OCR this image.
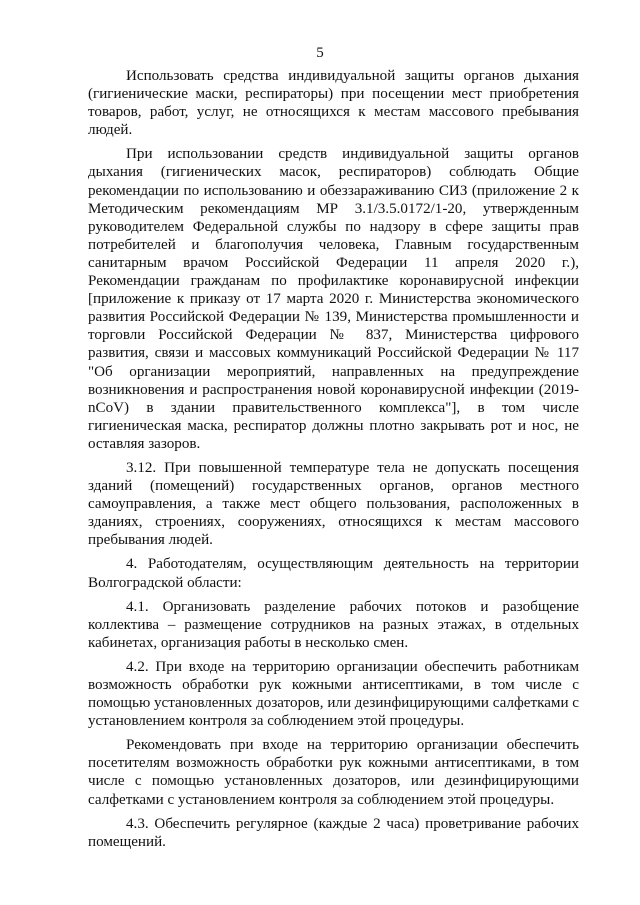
5

Использовать средства индивидуальной защиты органов дыхания (гигиенические маски, респираторы) при посещении мест приобретения товаров, работ, услуг, не относящихся к местам массового пребывания людей.

При использовании средств индивидуальной защиты органов дыхания (гигиенических масок, респираторов) соблюдать Общие рекомендации по использованию и обеззараживанию СИЗ (приложение 2 к Методическим рекомендациям МР 3.1/3.5.0172/1-20, утвержденным руководителем Федеральной службы по надзору в сфере защиты прав потребителей и благополучия человека, Главным государственным санитарным врачом Российской Федерации 11 апреля 2020 г.), Рекомендации гражданам по профилактике коронавирусной инфекции [приложение к приказу от 17 марта 2020 г. Министерства экономического развития Российской Федерации № 139, Министерства промышленности и торговли Российской Федерации № 837, Министерства цифрового развития, связи и массовых коммуникаций Российской Федерации № 117 "Об организации мероприятий, направленных на предупреждение возникновения и распространения новой коронавирусной инфекции (2019-nCoV) в здании правительственного комплекса"], в том числе гигиеническая маска, респиратор должны плотно закрывать рот и нос, не оставляя зазоров.

3.12. При повышенной температуре тела не допускать посещения зданий (помещений) государственных органов, органов местного самоуправления, а также мест общего пользования, расположенных в зданиях, строениях, сооружениях, относящихся к местам массового пребывания людей.

4. Работодателям, осуществляющим деятельность на территории Волгоградской области:

4.1. Организовать разделение рабочих потоков и разобщение коллектива – размещение сотрудников на разных этажах, в отдельных кабинетах, организация работы в несколько смен.

4.2. При входе на территорию организации обеспечить работникам возможность обработки рук кожными антисептиками, в том числе с помощью установленных дозаторов, или дезинфицирующими салфетками с установлением контроля за соблюдением этой процедуры.

Рекомендовать при входе на территорию организации обеспечить посетителям возможность обработки рук кожными антисептиками, в том числе с помощью установленных дозаторов, или дезинфицирующими салфетками с установлением контроля за соблюдением этой процедуры.

4.3. Обеспечить регулярное (каждые 2 часа) проветривание рабочих помещений.
